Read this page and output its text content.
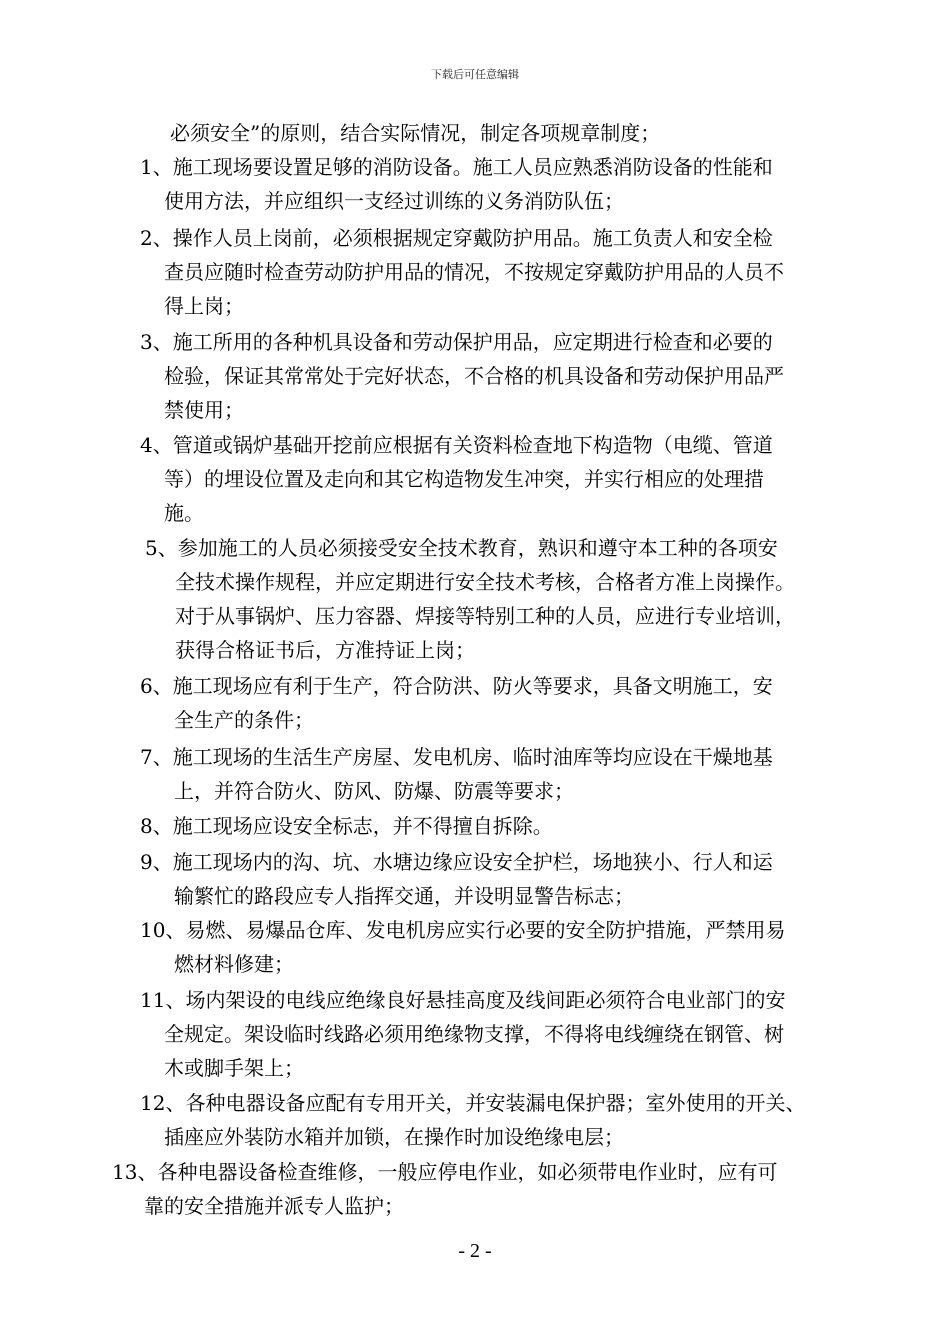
下载后可任意编辑

必须安全”的原则，结合实际情况，制定各项规章制度；

1、施工现场要设置足够的消防设备。施工人员应熟悉消防设备的性能和
使用方法，并应组织一支经过训练的义务消防队伍；

2、操作人员上岗前，必须根据规定穿戴防护用品。施工负责人和安全检
查员应随时检查劳动防护用品的情况，不按规定穿戴防护用品的人员不
得上岗；

3、施工所用的各种机具设备和劳动保护用品，应定期进行检查和必要的
检验，保证其常常处于完好状态，不合格的机具设备和劳动保护用品严
禁使用；

4、管道或锅炉基础开挖前应根据有关资料检查地下构造物（电缆、管道
等）的埋设位置及走向和其它构造物发生冲突，并实行相应的处理措
施。

5、参加施工的人员必须接受安全技术教育，熟识和遵守本工种的各项安
全技术操作规程，并应定期进行安全技术考核，合格者方准上岗操作。
对于从事锅炉、压力容器、焊接等特别工种的人员，应进行专业培训，
获得合格证书后，方准持证上岗；

6、施工现场应有利于生产，符合防洪、防火等要求，具备文明施工，安
全生产的条件；

7、施工现场的生活生产房屋、发电机房、临时油库等均应设在干燥地基
上，并符合防火、防风、防爆、防震等要求；

8、施工现场应设安全标志，并不得擅自拆除。

9、施工现场内的沟、坑、水塘边缘应设安全护栏，场地狭小、行人和运
输繁忙的路段应专人指挥交通，并设明显警告标志；

10、易燃、易爆品仓库、发电机房应实行必要的安全防护措施，严禁用易
燃材料修建；

11、场内架设的电线应绝缘良好悬挂高度及线间距必须符合电业部门的安
全规定。架设临时线路必须用绝缘物支撑，不得将电线缠绕在钢管、树
木或脚手架上；

12、各种电器设备应配有专用开关，并安装漏电保护器；室外使用的开关、
插座应外装防水箱并加锁，在操作时加设绝缘电层；

13、各种电器设备检查维修，一般应停电作业，如必须带电作业时，应有可
靠的安全措施并派专人监护；

- 2 -
